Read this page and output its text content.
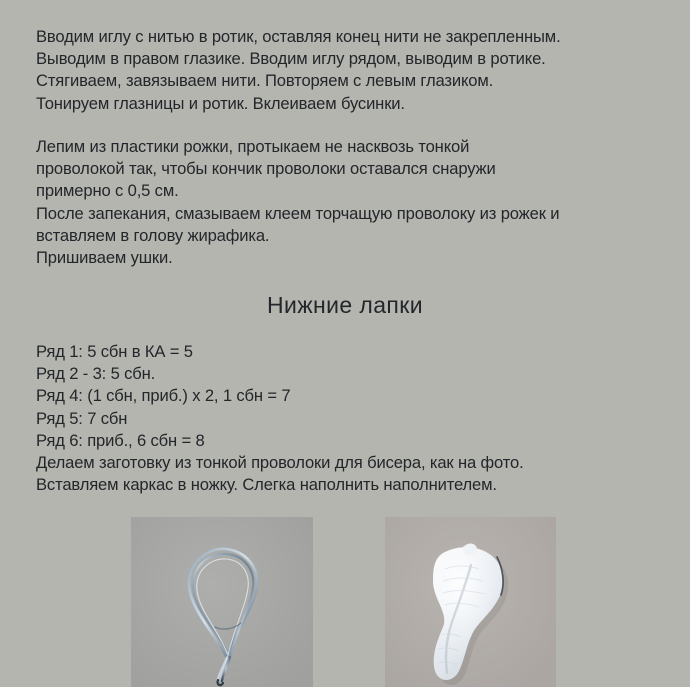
Вводим иглу с нитью в ротик, оставляя конец нити не закрепленным.
Выводим в правом глазике. Вводим иглу рядом, выводим в ротике.
Стягиваем, завязываем нити. Повторяем с левым глазиком.
Тонируем глазницы и ротик. Вклеиваем бусинки.
Лепим из пластики рожки, протыкаем не насквозь тонкой
проволокой так, чтобы кончик проволоки оставался снаружи
примерно с 0,5 см.
После запекания, смазываем клеем торчащую проволоку из рожек и
вставляем в голову жирафика.
Пришиваем ушки.
Нижние лапки
Ряд 1: 5 сбн в КА = 5
Ряд 2 - 3: 5 сбн.
Ряд 4: (1 сбн, приб.) х 2, 1 сбн = 7
Ряд 5: 7 сбн
Ряд 6: приб., 6 сбн = 8
Делаем заготовку из тонкой проволоки для бисера, как на фото.
Вставляем каркас в ножку. Слегка наполнить наполнителем.
